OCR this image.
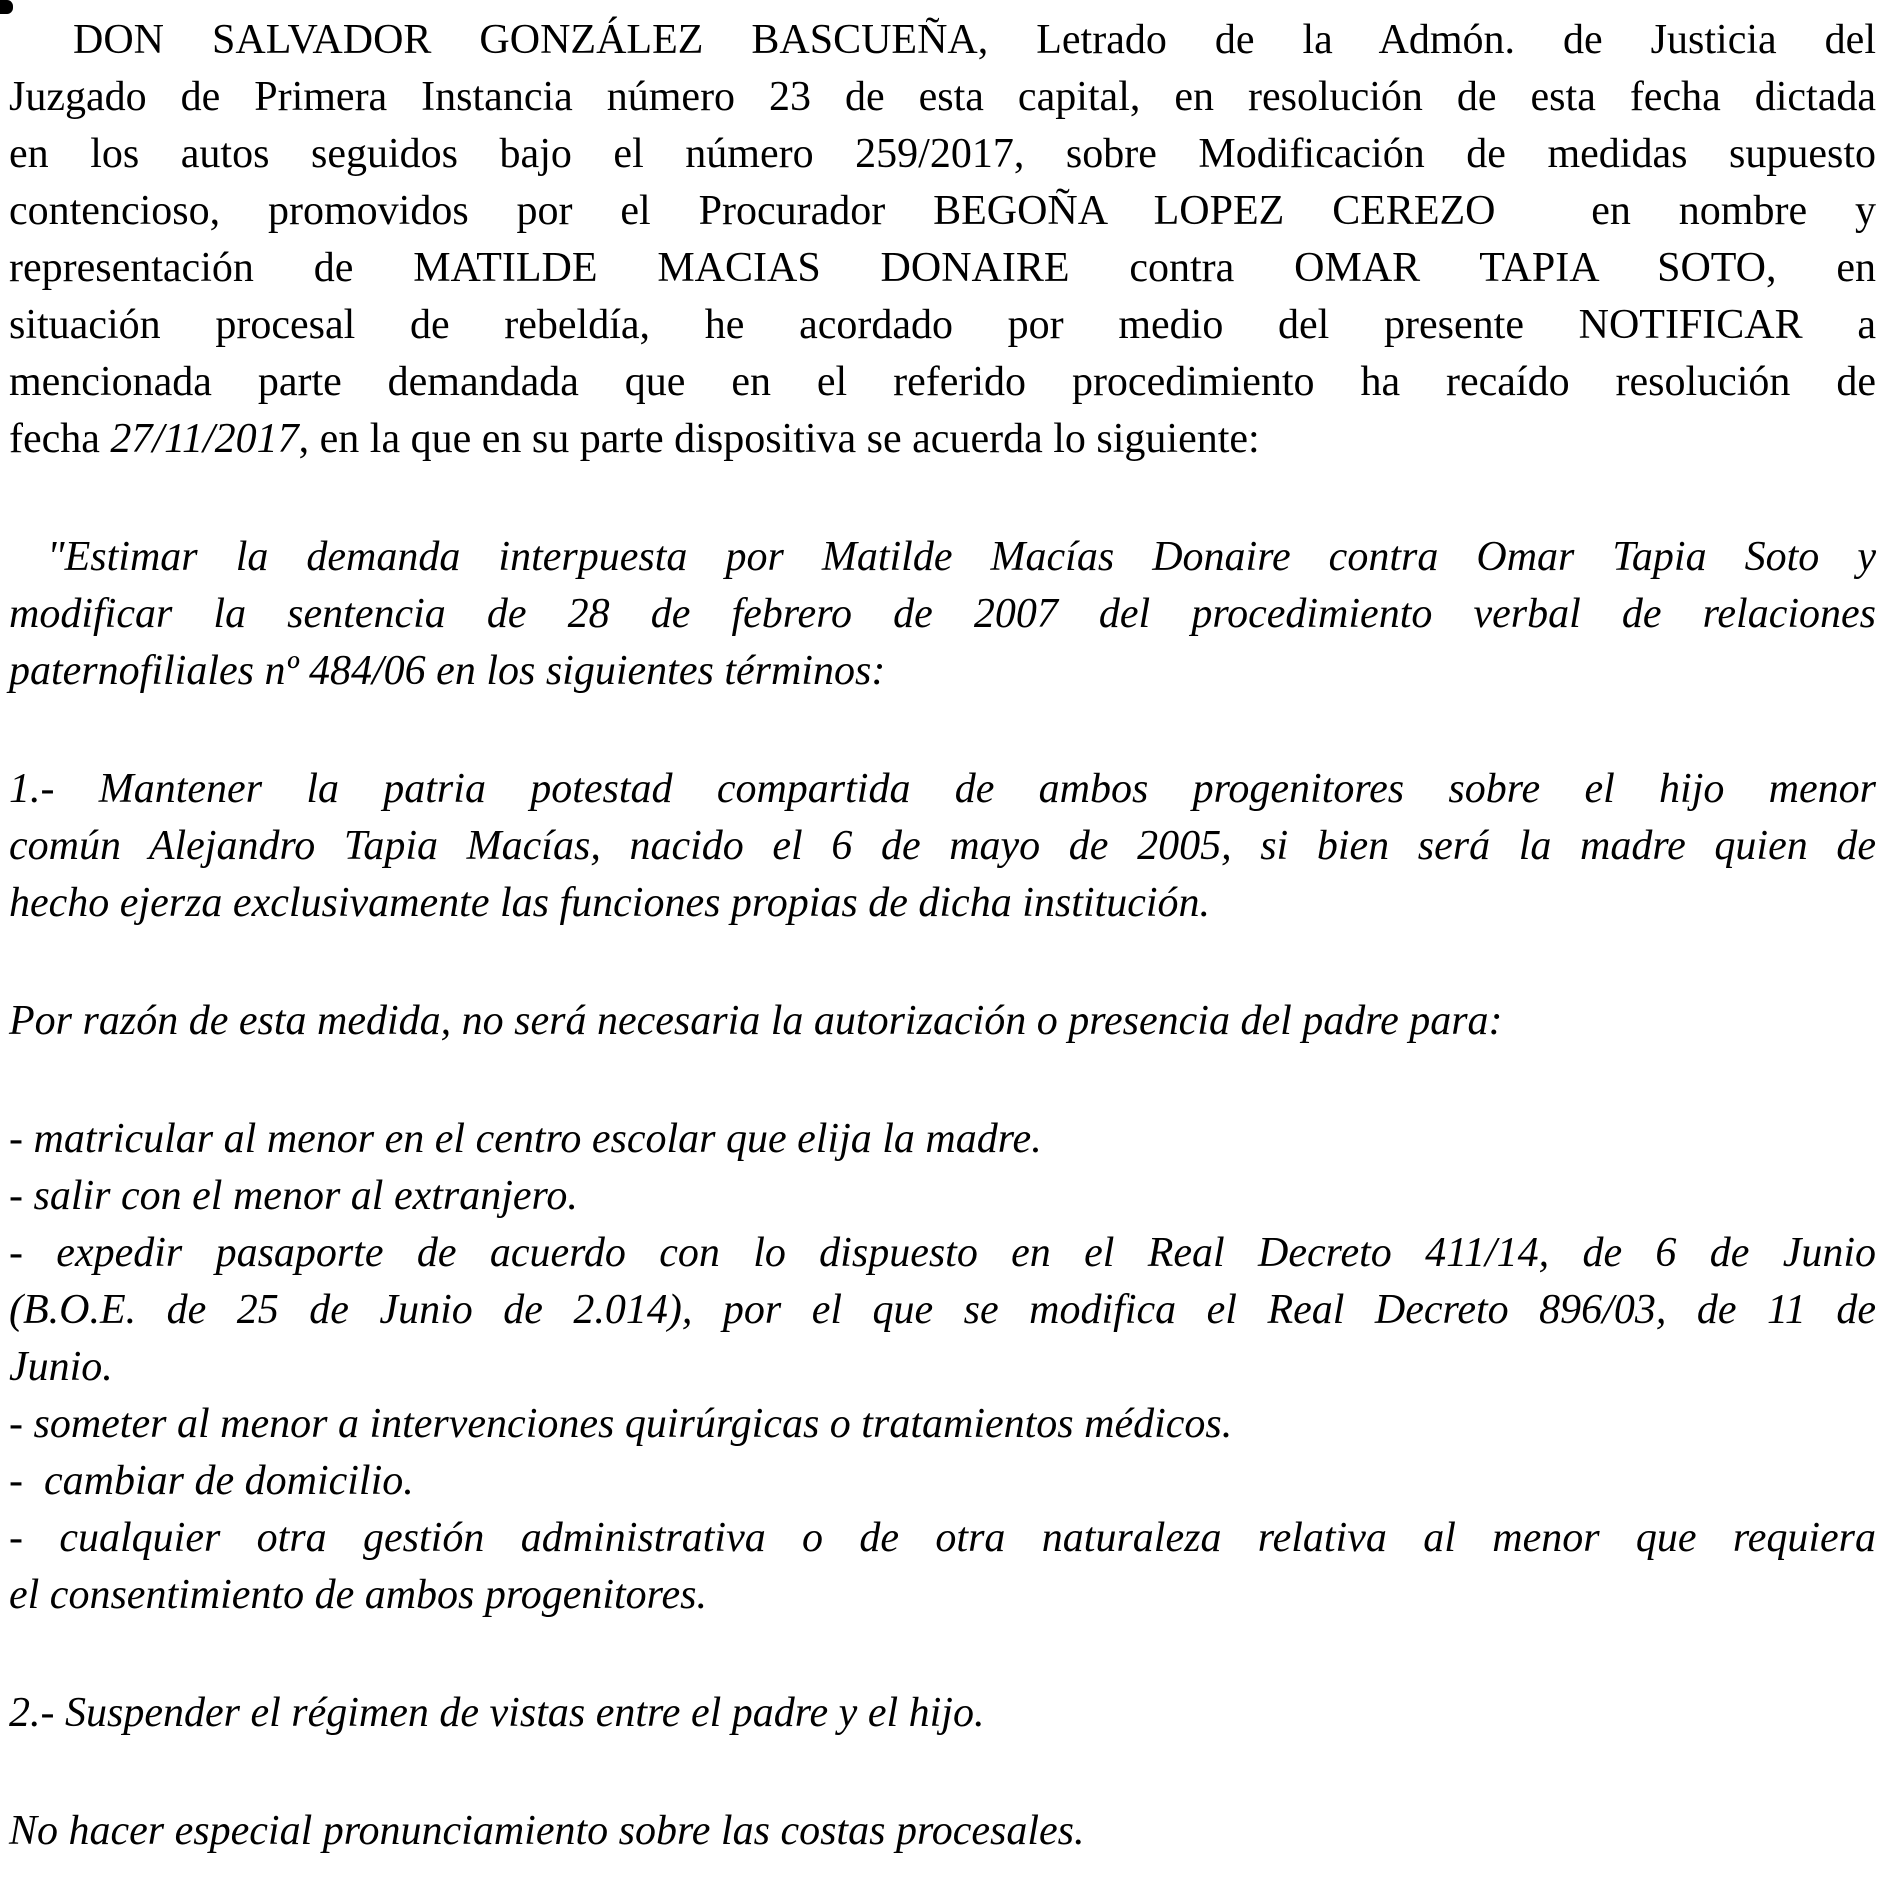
DON SALVADOR GONZÁLEZ BASCUEÑA, Letrado de la Admón. de Justicia del
Juzgado de Primera Instancia número 23 de esta capital, en resolución de esta fecha dictada
en los autos seguidos bajo el número 259/2017, sobre Modificación de medidas supuesto
contencioso, promovidos por el Procurador BEGOÑA LOPEZ CEREZO  en nombre y
representación de MATILDE MACIAS DONAIRE contra OMAR TAPIA SOTO, en
situación procesal de rebeldía, he acordado por medio del presente NOTIFICAR a
mencionada parte demandada que en el referido procedimiento ha recaído resolución de
fecha 27/11/2017, en la que en su parte dispositiva se acuerda lo siguiente:
"Estimar la demanda interpuesta por Matilde Macías Donaire contra Omar Tapia Soto y
modificar la sentencia de 28 de febrero de 2007 del procedimiento verbal de relaciones
paternofiliales nº 484/06 en los siguientes términos:
1.- Mantener la patria potestad compartida de ambos progenitores sobre el hijo menor
común Alejandro Tapia Macías, nacido el 6 de mayo de 2005, si bien será la madre quien de
hecho ejerza exclusivamente las funciones propias de dicha institución.
Por razón de esta medida, no será necesaria la autorización o presencia del padre para:
- matricular al menor en el centro escolar que elija la madre.
- salir con el menor al extranjero.
- expedir pasaporte de acuerdo con lo dispuesto en el Real Decreto 411/14, de 6 de Junio
(B.O.E. de 25 de Junio de 2.014), por el que se modifica el Real Decreto 896/03, de 11 de
Junio.
- someter al menor a intervenciones quirúrgicas o tratamientos médicos.
-  cambiar de domicilio.
- cualquier otra gestión administrativa o de otra naturaleza relativa al menor que requiera
el consentimiento de ambos progenitores.
2.- Suspender el régimen de vistas entre el padre y el hijo.
No hacer especial pronunciamiento sobre las costas procesales.
